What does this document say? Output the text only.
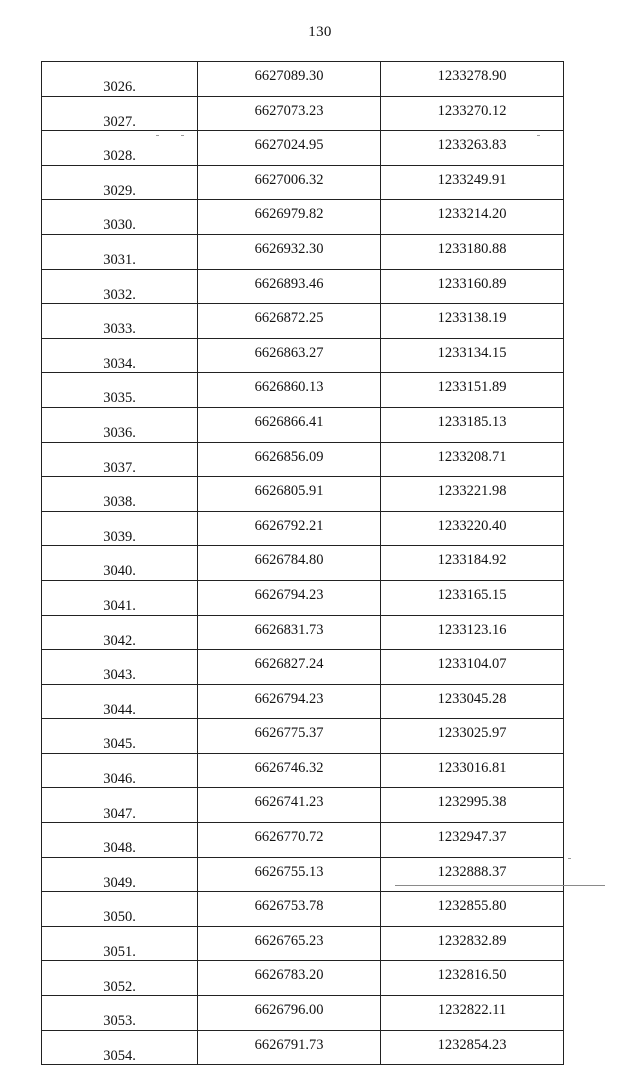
130
3026.	6627089.30	1233278.90
3027.	6627073.23	1233270.12
3028.	6627024.95	1233263.83
3029.	6627006.32	1233249.91
3030.	6626979.82	1233214.20
3031.	6626932.30	1233180.88
3032.	6626893.46	1233160.89
3033.	6626872.25	1233138.19
3034.	6626863.27	1233134.15
3035.	6626860.13	1233151.89
3036.	6626866.41	1233185.13
3037.	6626856.09	1233208.71
3038.	6626805.91	1233221.98
3039.	6626792.21	1233220.40
3040.	6626784.80	1233184.92
3041.	6626794.23	1233165.15
3042.	6626831.73	1233123.16
3043.	6626827.24	1233104.07
3044.	6626794.23	1233045.28
3045.	6626775.37	1233025.97
3046.	6626746.32	1233016.81
3047.	6626741.23	1232995.38
3048.	6626770.72	1232947.37
3049.	6626755.13	1232888.37
3050.	6626753.78	1232855.80
3051.	6626765.23	1232832.89
3052.	6626783.20	1232816.50
3053.	6626796.00	1232822.11
3054.	6626791.73	1232854.23
